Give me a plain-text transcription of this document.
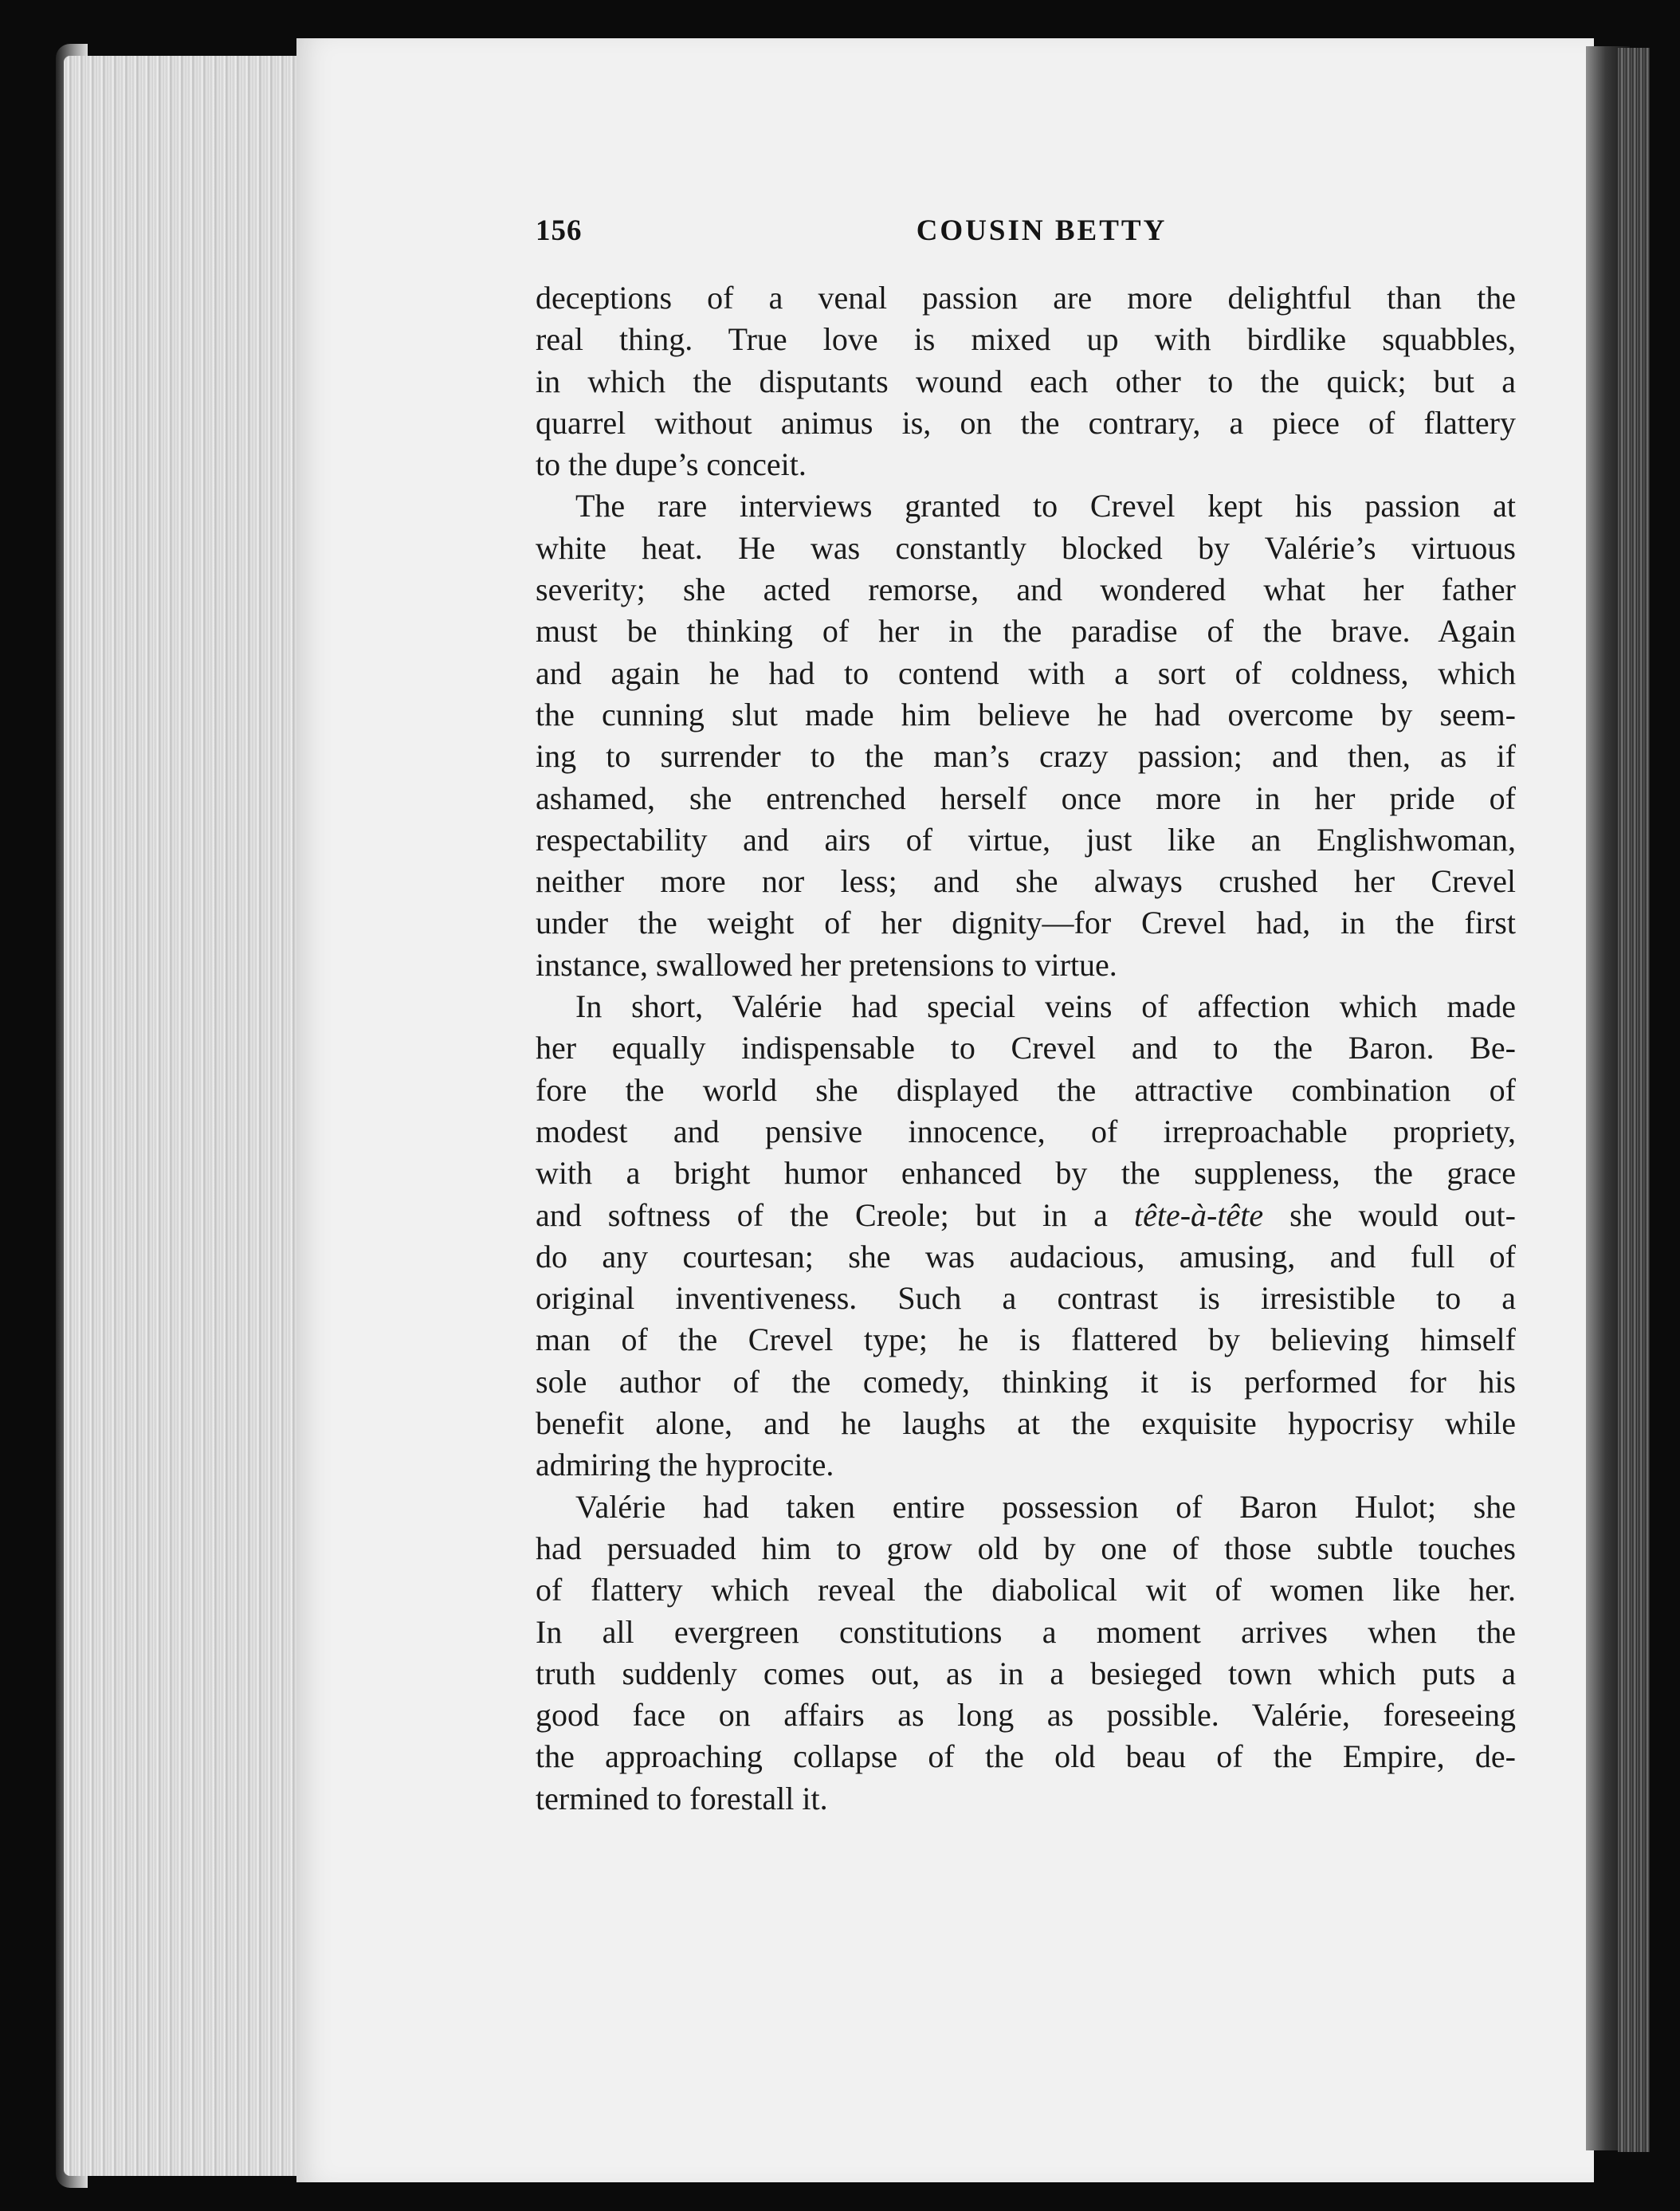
156	COUSIN BETTY
deceptions of a venal passion are more delightful than the
real thing. True love is mixed up with birdlike squabbles,
in which the disputants wound each other to the quick; but a
quarrel without animus is, on the contrary, a piece of flattery
to the dupe’s conceit.
The rare interviews granted to Crevel kept his passion at
white heat. He was constantly blocked by Valérie’s virtuous
severity; she acted remorse, and wondered what her father
must be thinking of her in the paradise of the brave. Again
and again he had to contend with a sort of coldness, which
the cunning slut made him believe he had overcome by seem-
ing to surrender to the man’s crazy passion; and then, as if
ashamed, she entrenched herself once more in her pride of
respectability and airs of virtue, just like an Englishwoman,
neither more nor less; and she always crushed her Crevel
under the weight of her dignity—for Crevel had, in the first
instance, swallowed her pretensions to virtue.
In short, Valérie had special veins of affection which made
her equally indispensable to Crevel and to the Baron. Be-
fore the world she displayed the attractive combination of
modest and pensive innocence, of irreproachable propriety,
with a bright humor enhanced by the suppleness, the grace
and softness of the Creole; but in a tête-à-tête she would out-
do any courtesan; she was audacious, amusing, and full of
original inventiveness. Such a contrast is irresistible to a
man of the Crevel type; he is flattered by believing himself
sole author of the comedy, thinking it is performed for his
benefit alone, and he laughs at the exquisite hypocrisy while
admiring the hyprocite.
Valérie had taken entire possession of Baron Hulot; she
had persuaded him to grow old by one of those subtle touches
of flattery which reveal the diabolical wit of women like her.
In all evergreen constitutions a moment arrives when the
truth suddenly comes out, as in a besieged town which puts a
good face on affairs as long as possible. Valérie, foreseeing
the approaching collapse of the old beau of the Empire, de-
termined to forestall it.
